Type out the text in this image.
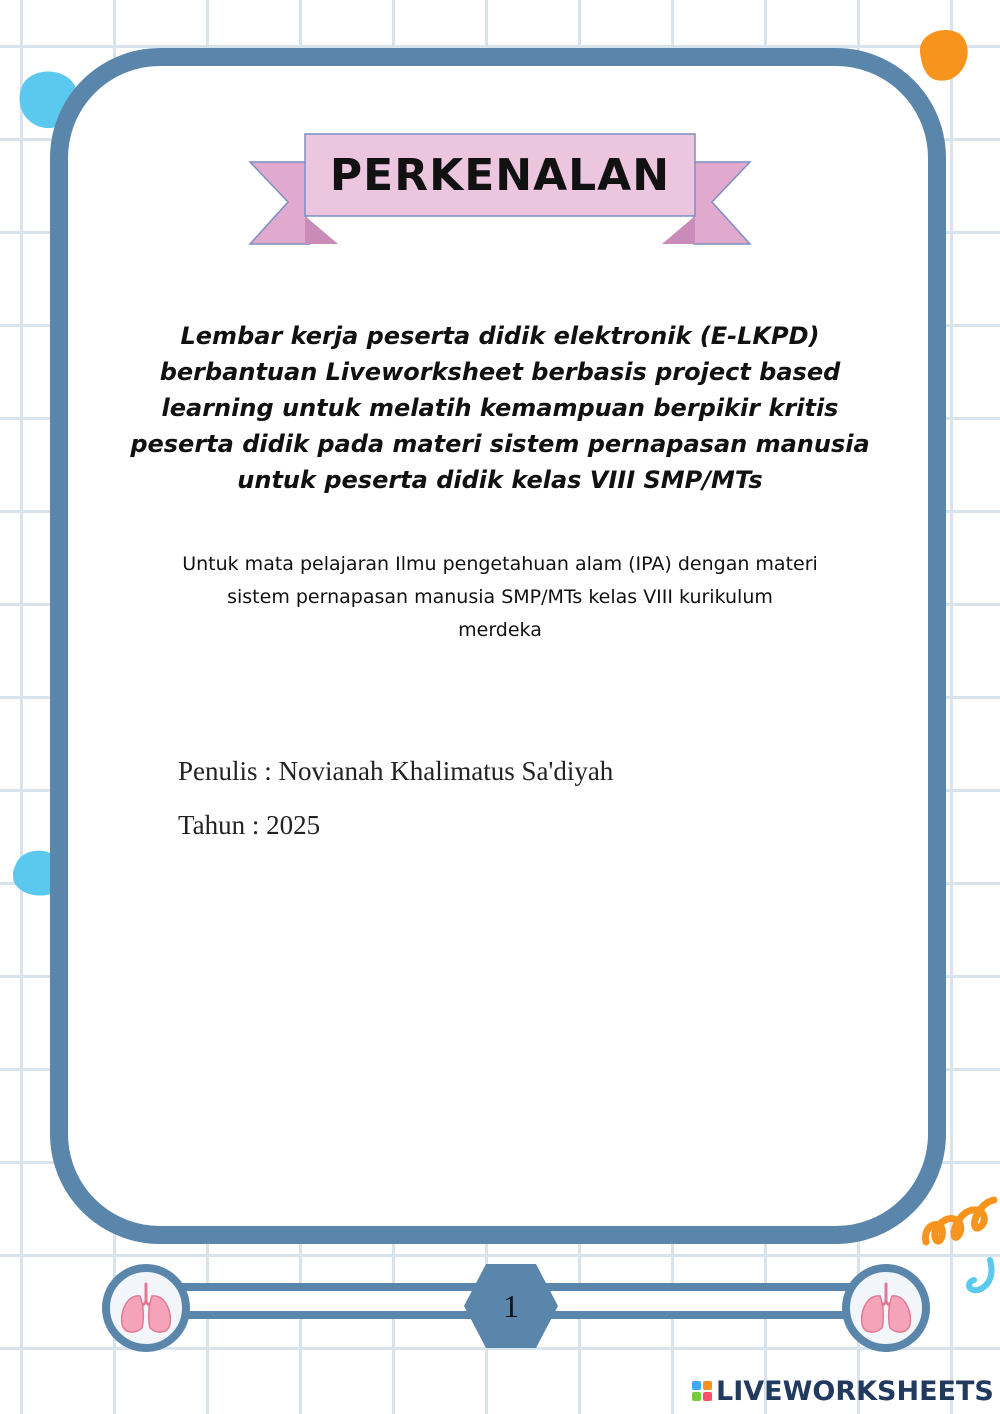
PERKENALAN
Lembar kerja peserta didik elektronik (E-LKPD)
berbantuan Liveworksheet berbasis project based
learning untuk melatih kemampuan berpikir kritis
peserta didik pada materi sistem pernapasan manusia
untuk peserta didik kelas VIII SMP/MTs
Untuk mata pelajaran Ilmu pengetahuan alam (IPA) dengan materi
sistem pernapasan manusia SMP/MTs kelas VIII kurikulum
merdeka
Penulis : Novianah Khalimatus Sa'diyah
Tahun : 2025
1
LIVEWORKSHEETS
